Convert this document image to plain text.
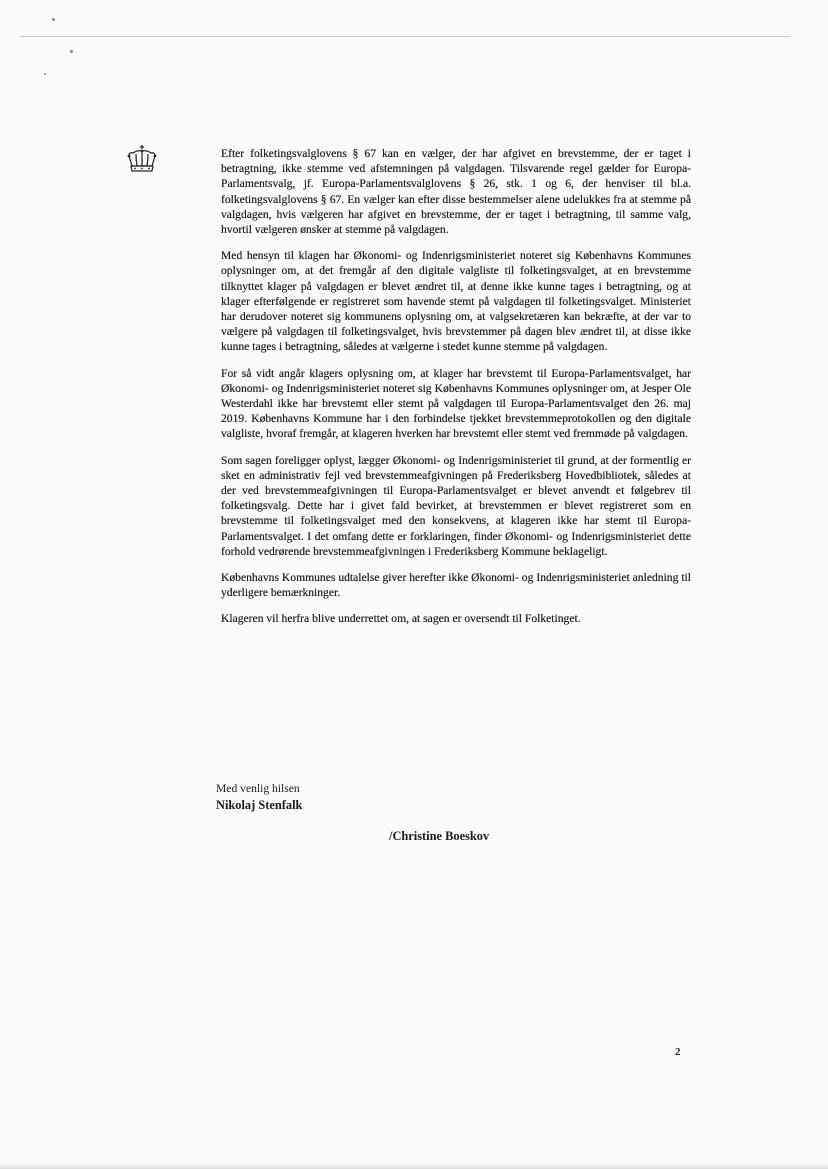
Efter folketingsvalglovens § 67 kan en vælger, der har afgivet en brevstemme, der er taget i betragtning, ikke stemme ved afstemningen på valgdagen. Tilsvarende regel gælder for Europa-Parlamentsvalg, jf. Europa-Parlamentsvalglovens § 26, stk. 1 og 6, der henviser til bl.a. folketingsvalglovens § 67. En vælger kan efter disse bestemmelser alene udelukkes fra at stemme på valgdagen, hvis vælgeren har afgivet en brevstemme, der er taget i betragtning, til samme valg, hvortil vælgeren ønsker at stemme på valgdagen.

Med hensyn til klagen har Økonomi- og Indenrigsministeriet noteret sig Københavns Kommunes oplysninger om, at det fremgår af den digitale valgliste til folketingsvalget, at en brevstemme tilknyttet klager på valgdagen er blevet ændret til, at denne ikke kunne tages i betragtning, og at klager efterfølgende er registreret som havende stemt på valgdagen til folketingsvalget. Ministeriet har derudover noteret sig kommunens oplysning om, at valgsekretæren kan bekræfte, at der var to vælgere på valgdagen til folketingsvalget, hvis brevstemmer på dagen blev ændret til, at disse ikke kunne tages i betragtning, således at vælgerne i stedet kunne stemme på valgdagen.

For så vidt angår klagers oplysning om, at klager har brevstemt til Europa-Parlamentsvalget, har Økonomi- og Indenrigsministeriet noteret sig Københavns Kommunes oplysninger om, at Jesper Ole Westerdahl ikke har brevstemt eller stemt på valgdagen til Europa-Parlamentsvalget den 26. maj 2019. Københavns Kommune har i den forbindelse tjekket brevstemmeprotokollen og den digitale valgliste, hvoraf fremgår, at klageren hverken har brevstemt eller stemt ved fremmøde på valgdagen.

Som sagen foreligger oplyst, lægger Økonomi- og Indenrigsministeriet til grund, at der formentlig er sket en administrativ fejl ved brevstemmeafgivningen på Frederiksberg Hovedbibliotek, således at der ved brevstemmeafgivningen til Europa-Parlamentsvalget er blevet anvendt et følgebrev til folketingsvalg. Dette har i givet fald bevirket, at brevstemmen er blevet registreret som en brevstemme til folketingsvalget med den konsekvens, at klageren ikke har stemt til Europa-Parlamentsvalget. I det omfang dette er forklaringen, finder Økonomi- og Indenrigsministeriet dette forhold vedrørende brevstemmeafgivningen i Frederiksberg Kommune beklageligt.

Københavns Kommunes udtalelse giver herefter ikke Økonomi- og Indenrigsministeriet anledning til yderligere bemærkninger.

Klageren vil herfra blive underrettet om, at sagen er oversendt til Folketinget.

Med venlig hilsen
Nikolaj Stenfalk
/Christine Boeskov
2
